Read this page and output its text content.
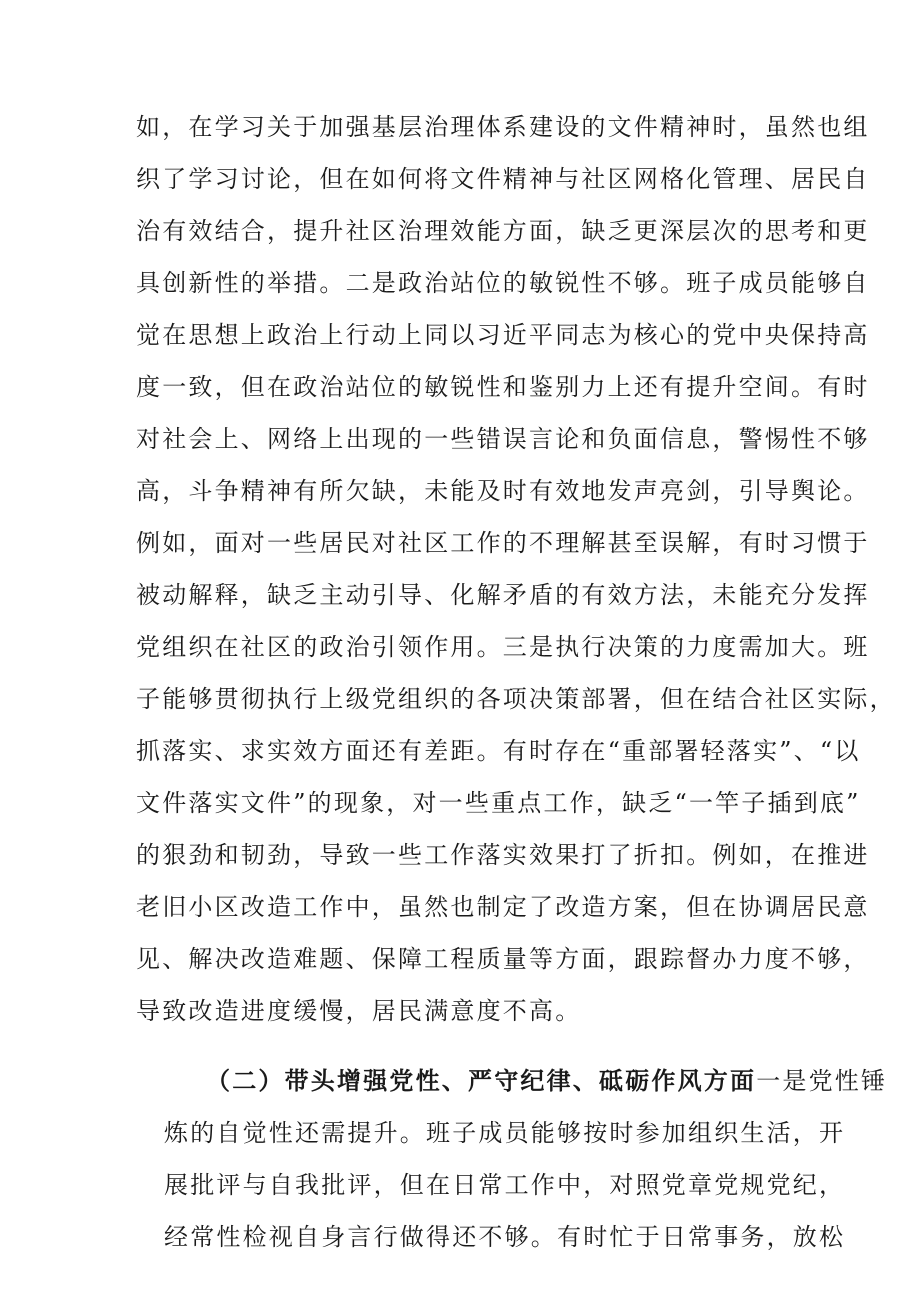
如，在学习关于加强基层治理体系建设的文件精神时，虽然也组
织了学习讨论，但在如何将文件精神与社区网格化管理、居民自
治有效结合，提升社区治理效能方面，缺乏更深层次的思考和更
具创新性的举措。二是政治站位的敏锐性不够。班子成员能够自
觉在思想上政治上行动上同以习近平同志为核心的党中央保持高
度一致，但在政治站位的敏锐性和鉴别力上还有提升空间。有时
对社会上、网络上出现的一些错误言论和负面信息，警惕性不够
高，斗争精神有所欠缺，未能及时有效地发声亮剑，引导舆论。
例如，面对一些居民对社区工作的不理解甚至误解，有时习惯于
被动解释，缺乏主动引导、化解矛盾的有效方法，未能充分发挥
党组织在社区的政治引领作用。三是执行决策的力度需加大。班
子能够贯彻执行上级党组织的各项决策部署，但在结合社区实际，
抓落实、求实效方面还有差距。有时存在“重部署轻落实”、“以
文件落实文件”的现象，对一些重点工作，缺乏“一竿子插到底”
的狠劲和韧劲，导致一些工作落实效果打了折扣。例如，在推进
老旧小区改造工作中，虽然也制定了改造方案，但在协调居民意
见、解决改造难题、保障工程质量等方面，跟踪督办力度不够，
导致改造进度缓慢，居民满意度不高。
（二）带头增强党性、严守纪律、砥砺作风方面一是党性锤
炼的自觉性还需提升。班子成员能够按时参加组织生活，开
展批评与自我批评，但在日常工作中，对照党章党规党纪，
经常性检视自身言行做得还不够。有时忙于日常事务，放松
